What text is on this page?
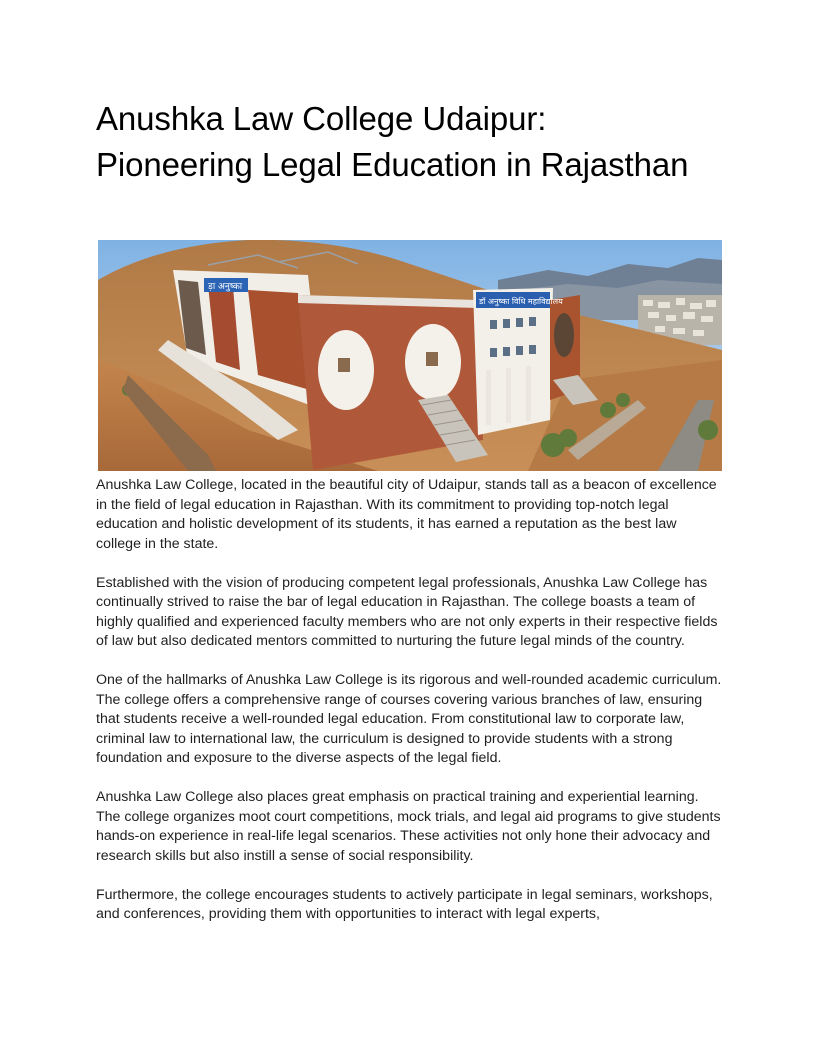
Anushka Law College Udaipur: Pioneering Legal Education in Rajasthan
ड़ा अनुष्का
डॉ अनुष्का विधि महाविद्यालय

Anushka Law College, located in the beautiful city of Udaipur, stands tall as a beacon of excellence in the field of legal education in Rajasthan. With its commitment to providing top-notch legal education and holistic development of its students, it has earned a reputation as the best law college in the state.

Established with the vision of producing competent legal professionals, Anushka Law College has continually strived to raise the bar of legal education in Rajasthan. The college boasts a team of highly qualified and experienced faculty members who are not only experts in their respective fields of law but also dedicated mentors committed to nurturing the future legal minds of the country.

One of the hallmarks of Anushka Law College is its rigorous and well-rounded academic curriculum. The college offers a comprehensive range of courses covering various branches of law, ensuring that students receive a well-rounded legal education. From constitutional law to corporate law, criminal law to international law, the curriculum is designed to provide students with a strong foundation and exposure to the diverse aspects of the legal field.

Anushka Law College also places great emphasis on practical training and experiential learning. The college organizes moot court competitions, mock trials, and legal aid programs to give students hands-on experience in real-life legal scenarios. These activities not only hone their advocacy and research skills but also instill a sense of social responsibility.

Furthermore, the college encourages students to actively participate in legal seminars, workshops, and conferences, providing them with opportunities to interact with legal experts,
